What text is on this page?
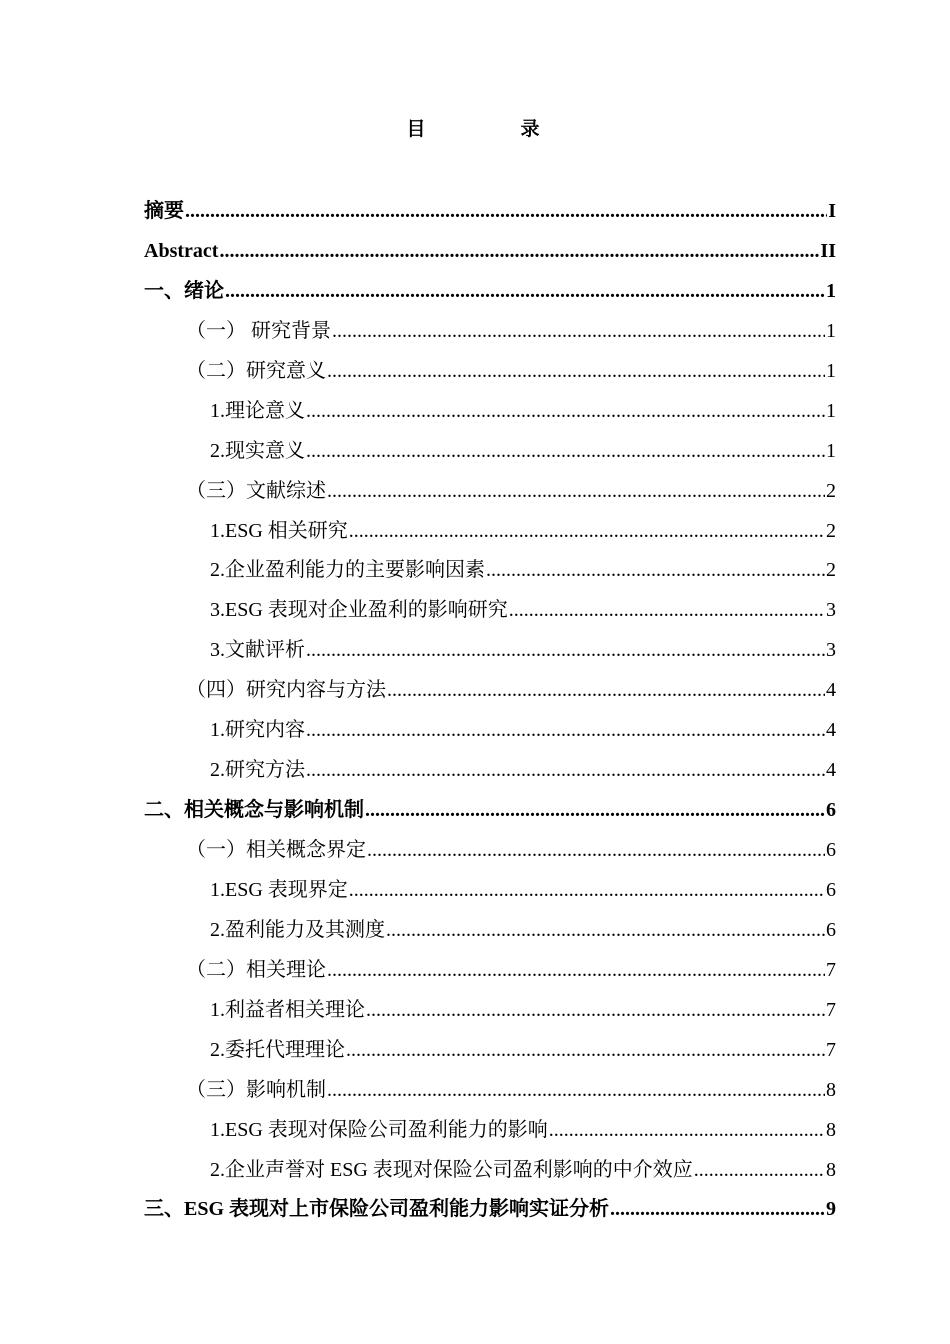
目　录
摘要 .....	I
Abstract .....	II
一、绪论 .....	1
（一） 研究背景 .....	1
（二）研究意义 .....	1
1.理论意义 .....	1
2.现实意义 .....	1
（三）文献综述 .....	2
1.ESG 相关研究 .....	2
2.企业盈利能力的主要影响因素 .....	2
3.ESG 表现对企业盈利的影响研究 .....	3
3.文献评析 .....	3
（四）研究内容与方法 .....	4
1.研究内容 .....	4
2.研究方法 .....	4
二、相关概念与影响机制 .....	6
（一）相关概念界定 .....	6
1.ESG 表现界定 .....	6
2.盈利能力及其测度 .....	6
（二）相关理论 .....	7
1.利益者相关理论 .....	7
2.委托代理理论 .....	7
（三）影响机制 .....	8
1.ESG 表现对保险公司盈利能力的影响 .....	8
2.企业声誉对 ESG 表现对保险公司盈利影响的中介效应 .....	8
三、ESG 表现对上市保险公司盈利能力影响实证分析 .....	9
